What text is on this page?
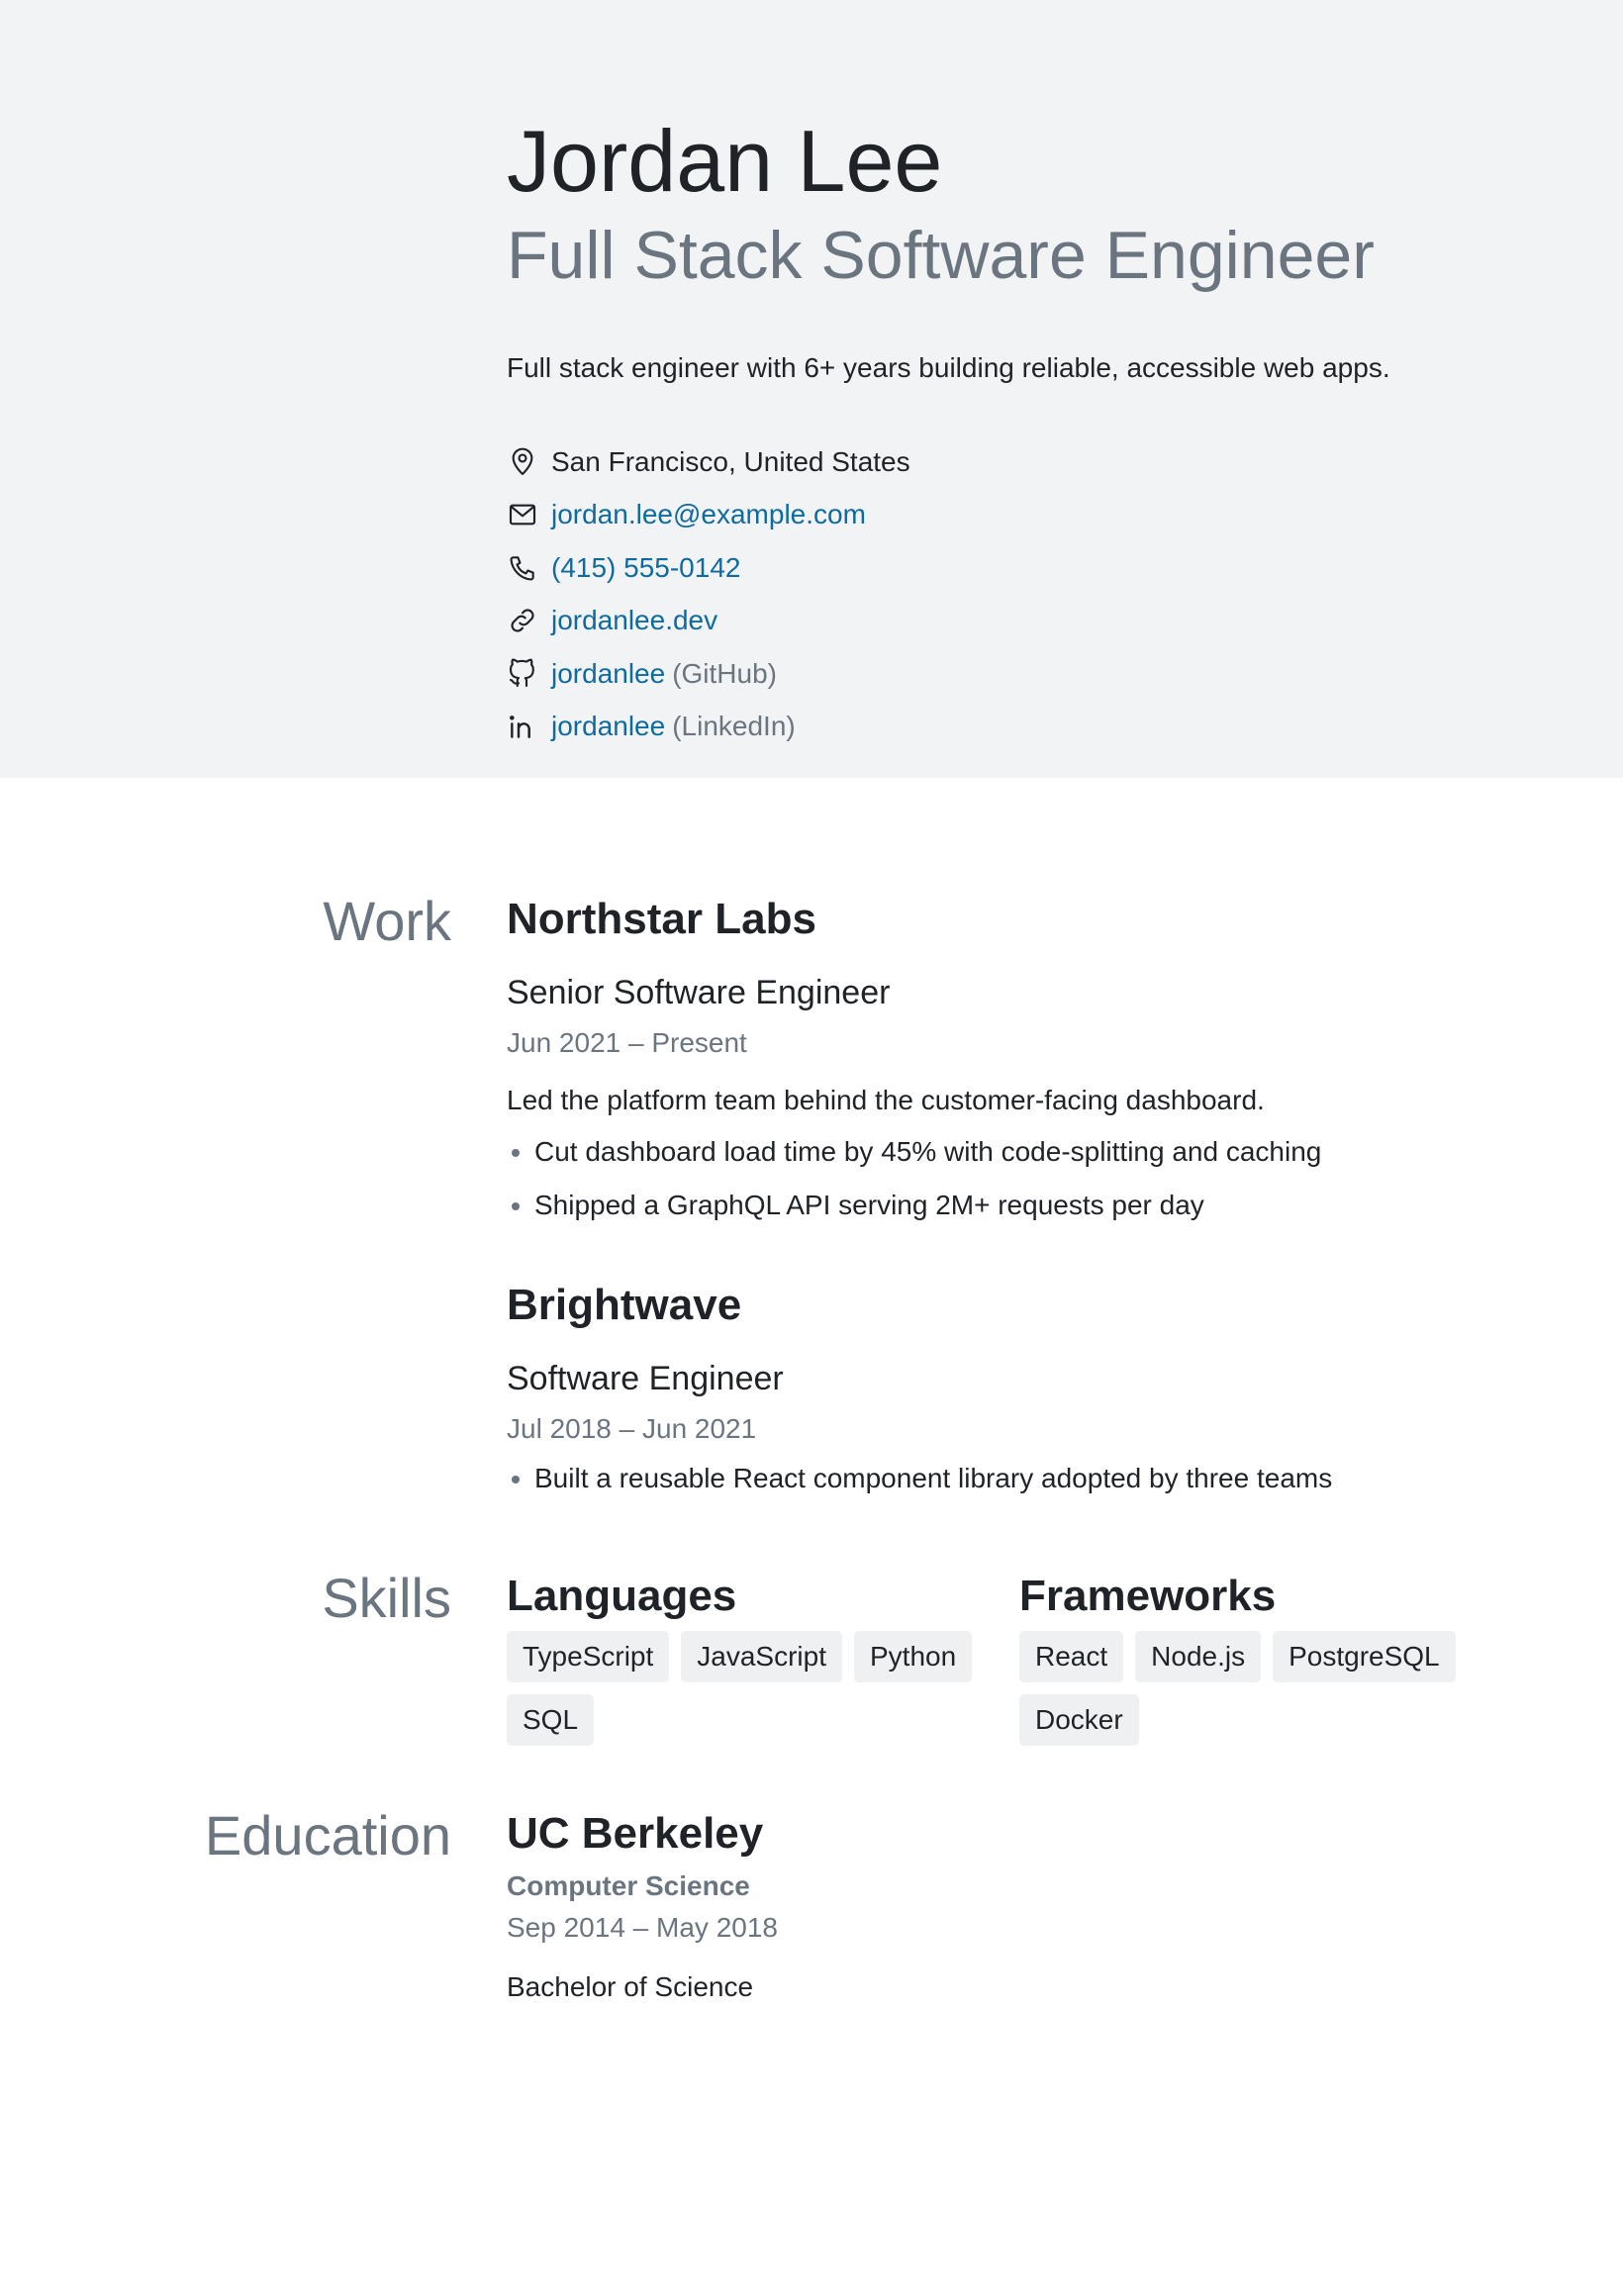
Jordan Lee
Full Stack Software Engineer
Full stack engineer with 6+ years building reliable, accessible web apps.
San Francisco, United States
jordan.lee@example.com
(415) 555-0142
jordanlee.dev
jordanlee (GitHub)
jordanlee (LinkedIn)
Work Northstar Labs
Senior Software Engineer
Jun 2021 – Present
Led the platform team behind the customer-facing dashboard.
• Cut dashboard load time by 45% with code-splitting and caching
• Shipped a GraphQL API serving 2M+ requests per day
Brightwave
Software Engineer
Jul 2018 – Jun 2021
• Built a reusable React component library adopted by three teams
Skills Languages
TypeScript	JavaScript	Python
SQL
Frameworks
React	Node.js	PostgreSQL
Docker
Education UC Berkeley
Computer Science
Sep 2014 – May 2018
Bachelor of Science
